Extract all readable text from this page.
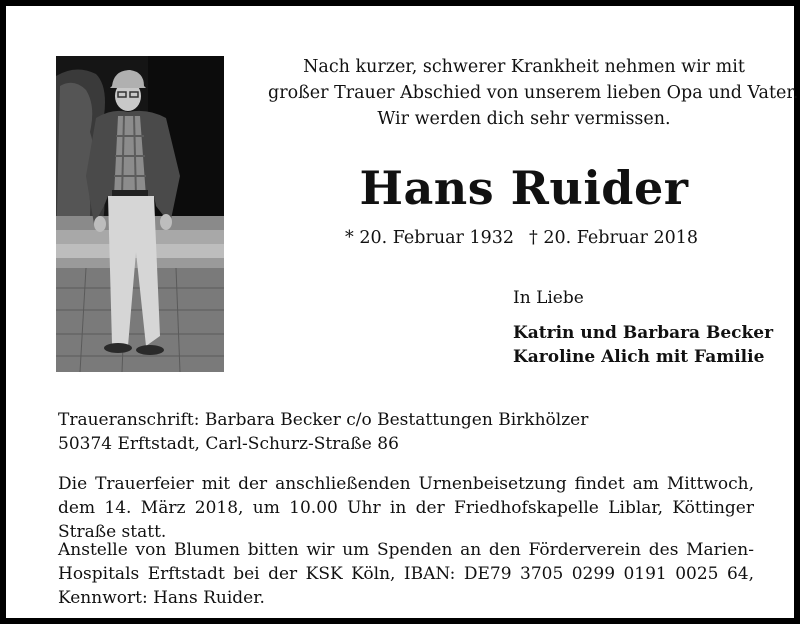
Nach kurzer, schwerer Krankheit nehmen wir mit
großer Trauer Abschied von unserem lieben Opa und Vater.
Wir werden dich sehr vermissen.
Hans Ruider
* 20. Februar 1932 † 20. Februar 2018
In Liebe
Katrin und Barbara Becker
Karoline Alich mit Familie
Traueranschrift: Barbara Becker c/o Bestattungen Birkhölzer
50374 Erftstadt, Carl-Schurz-Straße 86
Die Trauerfeier mit der anschließenden Urnenbeisetzung findet am Mittwoch, dem 14. März 2018, um 10.00 Uhr in der Friedhofskapelle Liblar, Köttinger Straße statt.
Anstelle von Blumen bitten wir um Spenden an den Förderverein des Marien-Hospitals Erftstadt bei der KSK Köln, IBAN: DE79 3705 0299 0191 0025 64, Kennwort: Hans Ruider.
